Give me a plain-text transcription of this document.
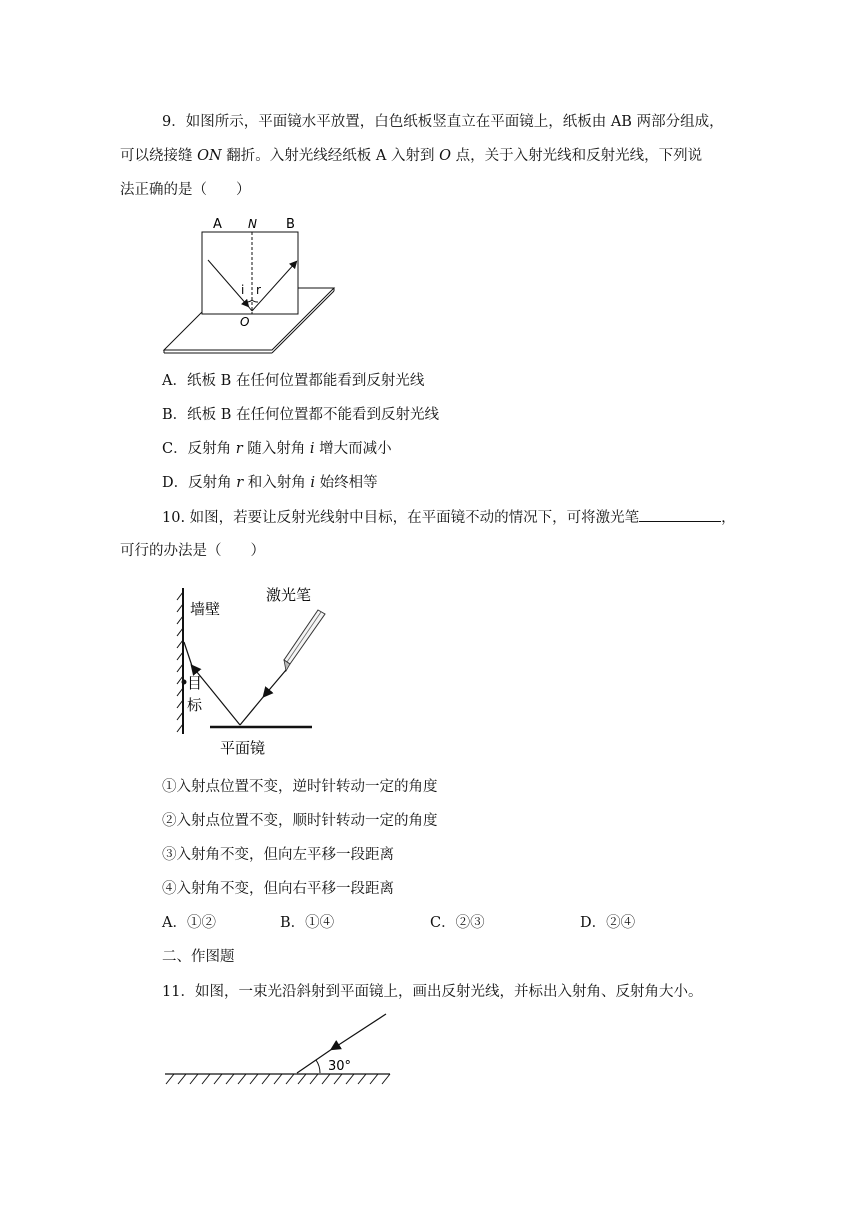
9．如图所示，平面镜水平放置，白色纸板竖直立在平面镜上，纸板由 AB 两部分组成，
可以绕接缝 ON 翻折。入射光线经纸板 A 入射到 O 点，关于入射光线和反射光线，下列说
法正确的是（　　）
A N B
i r
O
A．纸板 B 在任何位置都能看到反射光线
B．纸板 B 在任何位置都不能看到反射光线
C．反射角 r 随入射角 i 增大而减小
D．反射角 r 和入射角 i 始终相等
10. 如图，若要让反射光线射中目标，在平面镜不动的情况下，可将激光笔	，
可行的办法是（　　）
墙壁
激光笔
目
标
平面镜
①入射点位置不变，逆时针转动一定的角度
②入射点位置不变，顺时针转动一定的角度
③入射角不变，但向左平移一段距离
④入射角不变，但向右平移一段距离
A．①②	B．①④	C．②③	D．②④
二、作图题
11．如图，一束光沿斜射到平面镜上，画出反射光线，并标出入射角、反射角大小。
30°
